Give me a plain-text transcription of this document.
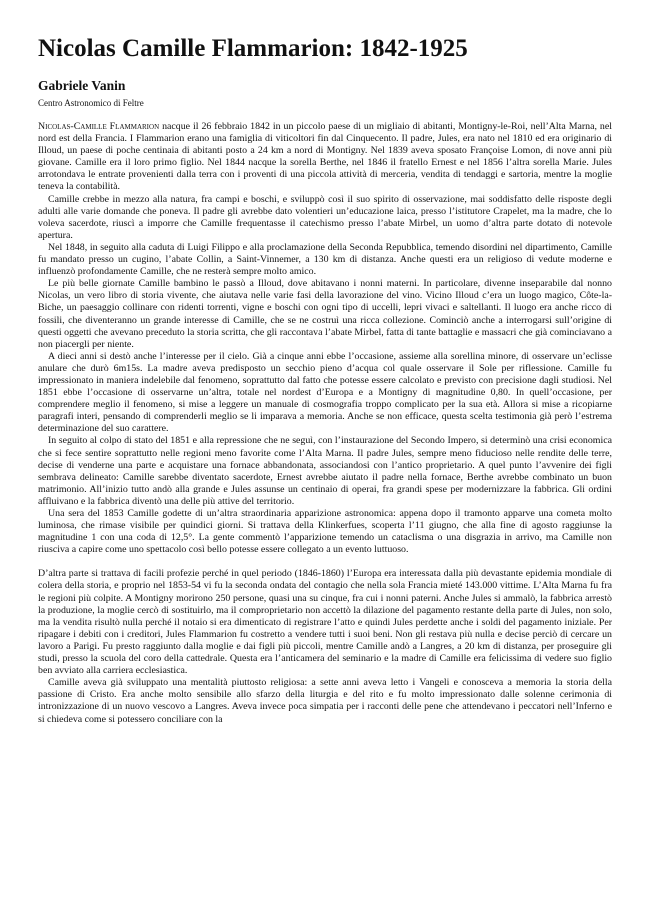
Nicolas Camille Flammarion: 1842-1925
Gabriele Vanin
Centro Astronomico di Feltre

Nicolas-Camille Flammarion nacque il 26 febbraio 1842 in un piccolo paese di un migliaio di abitanti, Montigny-le-Roi, nell’Alta Marna, nel nord est della Francia. I Flammarion erano una famiglia di viticoltori fin dal Cinquecento. Il padre, Jules, era nato nel 1810 ed era originario di Illoud, un paese di poche centinaia di abitanti posto a 24 km a nord di Montigny. Nel 1839 aveva sposato Françoise Lomon, di nove anni più giovane. Camille era il loro primo figlio. Nel 1844 nacque la sorella Berthe, nel 1846 il fratello Ernest e nel 1856 l’altra sorella Marie. Jules arrotondava le entrate provenienti dalla terra con i proventi di una piccola attività di merceria, vendita di tendaggi e sartoria, mentre la moglie teneva la contabilità.

Camille crebbe in mezzo alla natura, fra campi e boschi, e sviluppò così il suo spirito di osservazione, mai soddisfatto delle risposte degli adulti alle varie domande che poneva. Il padre gli avrebbe dato volentieri un’educazione laica, presso l’istitutore Crapelet, ma la madre, che lo voleva sacerdote, riuscì a imporre che Camille frequentasse il catechismo presso l’abate Mirbel, un uomo d’altra parte dotato di notevole apertura.

Nel 1848, in seguito alla caduta di Luigi Filippo e alla proclamazione della Seconda Repubblica, temendo disordini nel dipartimento, Camille fu mandato presso un cugino, l’abate Collin, a Saint-Vinnemer, a 130 km di distanza. Anche questi era un religioso di vedute moderne e influenzò profondamente Camille, che ne resterà sempre molto amico.

Le più belle giornate Camille bambino le passò a Illoud, dove abitavano i nonni materni. In particolare, divenne inseparabile dal nonno Nicolas, un vero libro di storia vivente, che aiutava nelle varie fasi della lavorazione del vino. Vicino Illoud c’era un luogo magico, Côte-la-Biche, un paesaggio collinare con ridenti torrenti, vigne e boschi con ogni tipo di uccelli, lepri vivaci e saltellanti. Il luogo era anche ricco di fossili, che diventeranno un grande interesse di Camille, che se ne costruì una ricca collezione. Cominciò anche a interrogarsi sull’origine di questi oggetti che avevano preceduto la storia scritta, che gli raccontava l’abate Mirbel, fatta di tante battaglie e massacri che già cominciavano a non piacergli per niente.

A dieci anni si destò anche l’interesse per il cielo. Già a cinque anni ebbe l’occasione, assieme alla sorellina minore, di osservare un’eclisse anulare che durò 6m15s. La madre aveva predisposto un secchio pieno d’acqua col quale osservare il Sole per riflessione. Camille fu impressionato in maniera indelebile dal fenomeno, soprattutto dal fatto che potesse essere calcolato e previsto con precisione dagli studiosi. Nel 1851 ebbe l’occasione di osservarne un’altra, totale nel nordest d’Europa e a Montigny di magnitudine 0,80. In quell’occasione, per comprendere meglio il fenomeno, si mise a leggere un manuale di cosmografia troppo complicato per la sua età. Allora si mise a ricopiarne paragrafi interi, pensando di comprenderli meglio se li imparava a memoria. Anche se non efficace, questa scelta testimonia già però l’estrema determinazione del suo carattere.

In seguito al colpo di stato del 1851 e alla repressione che ne seguì, con l’instaurazione del Secondo Impero, si determinò una crisi economica che si fece sentire soprattutto nelle regioni meno favorite come l’Alta Marna. Il padre Jules, sempre meno fiducioso nelle rendite delle terre, decise di venderne una parte e acquistare una fornace abbandonata, associandosi con l’antico proprietario. A quel punto l’avvenire dei figli sembrava delineato: Camille sarebbe diventato sacerdote, Ernest avrebbe aiutato il padre nella fornace, Berthe avrebbe combinato un buon matrimonio. All’inizio tutto andò alla grande e Jules assunse un centinaio di operai, fra grandi spese per modernizzare la fabbrica. Gli ordini affluivano e la fabbrica diventò una delle più attive del territorio.

Una sera del 1853 Camille godette di un’altra straordinaria apparizione astronomica: appena dopo il tramonto apparve una cometa molto luminosa, che rimase visibile per quindici giorni. Si trattava della Klinkerfues, scoperta l’11 giugno, che alla fine di agosto raggiunse la magnitudine 1 con una coda di 12,5°. La gente commentò l’apparizione temendo un cataclisma o una disgrazia in arrivo, ma Camille non riusciva a capire come uno spettacolo così bello potesse essere collegato a un evento luttuoso.

D’altra parte si trattava di facili profezie perché in quel periodo (1846-1860) l’Europa era interessata dalla più devastante epidemia mondiale di colera della storia, e proprio nel 1853-54 vi fu la seconda ondata del contagio che nella sola Francia mieté 143.000 vittime. L’Alta Marna fu fra le regioni più colpite. A Montigny morirono 250 persone, quasi una su cinque, fra cui i nonni paterni. Anche Jules si ammalò, la fabbrica arrestò la produzione, la moglie cercò di sostituirlo, ma il comproprietario non accettò la dilazione del pagamento restante della parte di Jules, non solo, ma la vendita risultò nulla perché il notaio si era dimenticato di registrare l’atto e quindi Jules perdette anche i soldi del pagamento iniziale. Per ripagare i debiti con i creditori, Jules Flammarion fu costretto a vendere tutti i suoi beni. Non gli restava più nulla e decise perciò di cercare un lavoro a Parigi. Fu presto raggiunto dalla moglie e dai figli più piccoli, mentre Camille andò a Langres, a 20 km di distanza, per proseguire gli studi, presso la scuola del coro della cattedrale. Questa era l’anticamera del seminario e la madre di Camille era felicissima di vedere suo figlio ben avviato alla carriera ecclesiastica.

Camille aveva già sviluppato una mentalità piuttosto religiosa: a sette anni aveva letto i Vangeli e conosceva a memoria la storia della passione di Cristo. Era anche molto sensibile allo sfarzo della liturgia e del rito e fu molto impressionato dalle solenne cerimonia di intronizzazione di un nuovo vescovo a Langres. Aveva invece poca simpatia per i racconti delle pene che attendevano i peccatori nell’Inferno e si chiedeva come si potessero conciliare con la
